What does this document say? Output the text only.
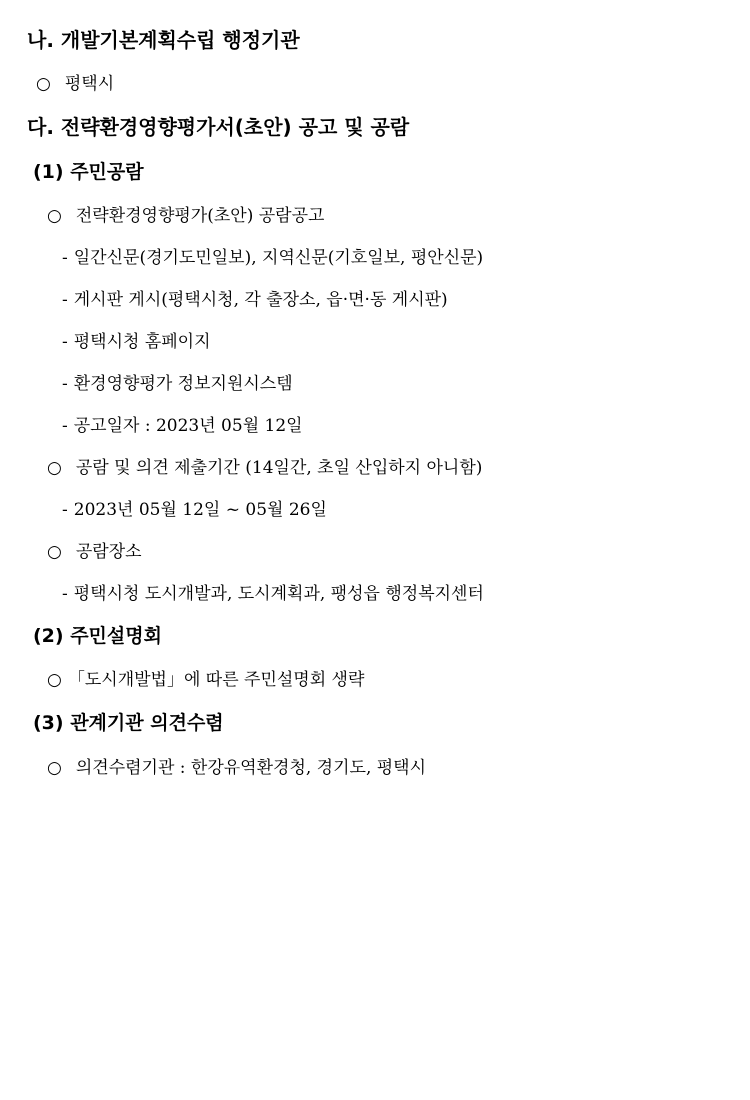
나. 개발기본계획수립 행정기관
○ 평택시
다. 전략환경영향평가서(초안) 공고 및 공람
(1) 주민공람
○ 전략환경영향평가(초안) 공람공고
- 일간신문(경기도민일보), 지역신문(기호일보, 평안신문)
- 게시판 게시(평택시청, 각 출장소, 읍·면·동 게시판)
- 평택시청 홈페이지
- 환경영향평가 정보지원시스템
- 공고일자 : 2023년 05월 12일
○ 공람 및 의견 제출기간 (14일간, 초일 산입하지 아니함)
- 2023년 05월 12일 ~ 05월 26일
○ 공람장소
- 평택시청 도시개발과, 도시계획과, 팽성읍 행정복지센터
(2) 주민설명회
○ 「도시개발법」에 따른 주민설명회 생략
(3) 관계기관 의견수렴
○ 의견수렴기관 : 한강유역환경청, 경기도, 평택시
